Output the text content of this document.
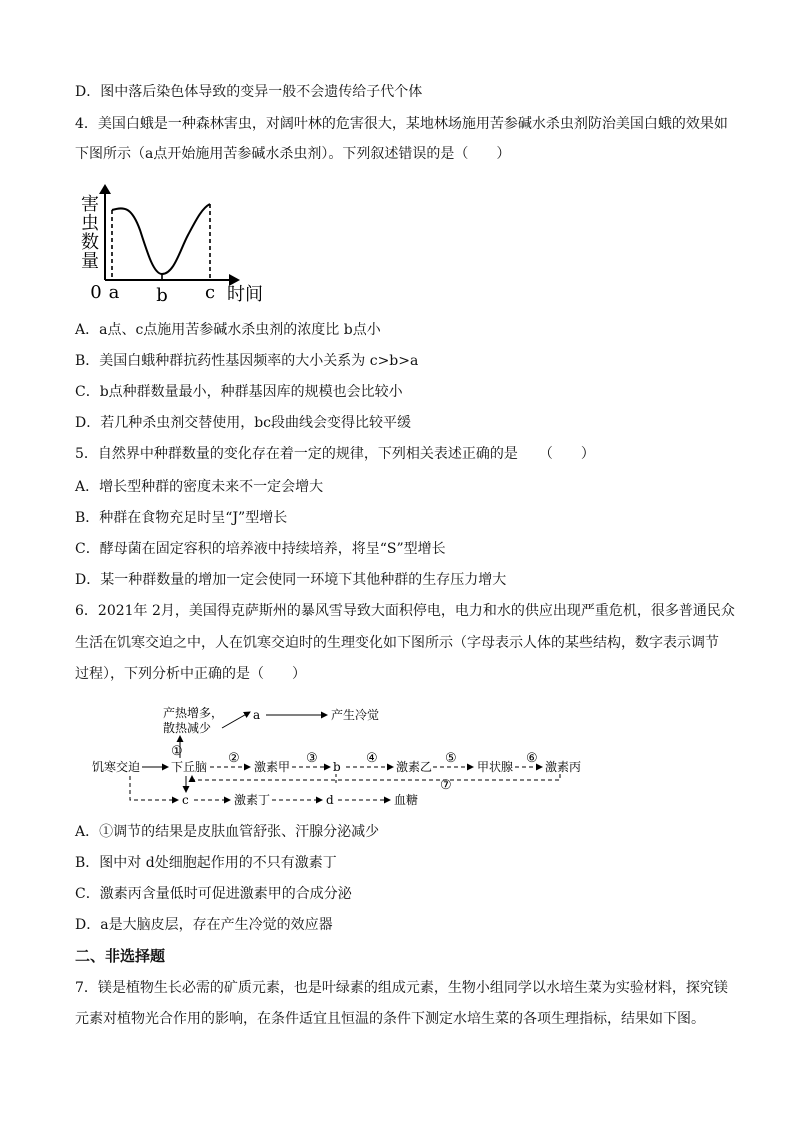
D．图中落后染色体导致的变异一般不会遗传给子代个体
4．美国白蛾是一种森林害虫，对阔叶林的危害很大，某地林场施用苦参碱水杀虫剂防治美国白蛾的效果如
下图所示（a点开始施用苦参碱水杀虫剂）。下列叙述错误的是（　　）
害
虫
数
量
0 a b c 时间
A．a点、c点施用苦参碱水杀虫剂的浓度比 b点小
B．美国白蛾种群抗药性基因频率的大小关系为 c>b>a
C．b点种群数量最小，种群基因库的规模也会比较小
D．若几种杀虫剂交替使用，bc段曲线会变得比较平缓
5．自然界中种群数量的变化存在着一定的规律，下列相关表述正确的是　　（　　）
A．增长型种群的密度未来不一定会增大
B．种群在食物充足时呈“J”型增长
C．酵母菌在固定容积的培养液中持续培养，将呈“S”型增长
D．某一种群数量的增加一定会使同一环境下其他种群的生存压力增大
6．2021年 2月，美国得克萨斯州的暴风雪导致大面积停电，电力和水的供应出现严重危机，很多普通民众
生活在饥寒交迫之中，人在饥寒交迫时的生理变化如下图所示（字母表示人体的某些结构，数字表示调节
过程），下列分析中正确的是（　　）
产热增多，
散热减少
a	产生冷觉
①
饥寒交迫	下丘脑
②
激素甲
③
b
④
激素乙
⑤
甲状腺
⑥
激素丙
⑦
c	激素丁	d	血糖
A．①调节的结果是皮肤血管舒张、汗腺分泌减少
B．图中对 d处细胞起作用的不只有激素丁
C．激素丙含量低时可促进激素甲的合成分泌
D．a是大脑皮层，存在产生冷觉的效应器
二、非选择题
7．镁是植物生长必需的矿质元素，也是叶绿素的组成元素，生物小组同学以水培生菜为实验材料，探究镁
元素对植物光合作用的影响，在条件适宜且恒温的条件下测定水培生菜的各项生理指标，结果如下图。
